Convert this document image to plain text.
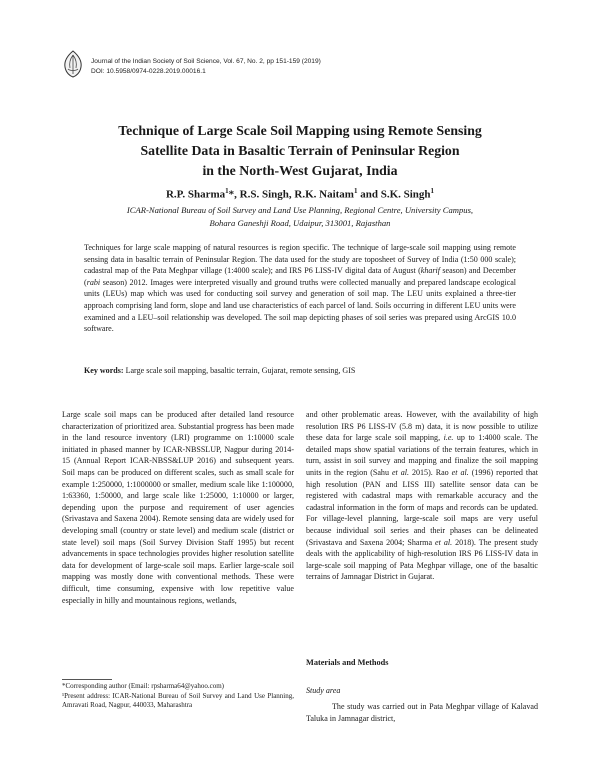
Journal of the Indian Society of Soil Science, Vol. 67, No. 2, pp 151-159 (2019)
DOI: 10.5958/0974-0228.2019.00016.1
Technique of Large Scale Soil Mapping using Remote Sensing
Satellite Data in Basaltic Terrain of Peninsular Region
in the North-West Gujarat, India
R.P. Sharma$^1$*, R.S. Singh, R.K. Naitam$^1$ and S.K. Singh$^1$
ICAR-National Bureau of Soil Survey and Land Use Planning, Regional Centre, University Campus,
Bohara Ganeshji Road, Udaipur, 313001, Rajasthan
Techniques for large scale mapping of natural resources is region specific. The technique of large-scale soil mapping using remote sensing data in basaltic terrain of Peninsular Region. The data used for the study are toposheet of Survey of India (1:50 000 scale); cadastral map of the Pata Meghpar village (1:4000 scale); and IRS P6 LISS-IV digital data of August (kharif season) and December (rabi season) 2012. Images were interpreted visually and ground truths were collected manually and prepared landscape ecological units (LEUs) map which was used for conducting soil survey and generation of soil map. The LEU units explained a three-tier approach comprising land form, slope and land use characteristics of each parcel of land. Soils occurring in different LEU units were examined and a LEU–soil relationship was developed. The soil map depicting phases of soil series was prepared using ArcGIS 10.0 software.
Key words: Large scale soil mapping, basaltic terrain, Gujarat, remote sensing, GIS
Large scale soil maps can be produced after detailed land resource characterization of prioritized area. Substantial progress has been made in the land resource inventory (LRI) programme on 1:10000 scale initiated in phased manner by ICAR-NBSSLUP, Nagpur during 2014-15 (Annual Report ICAR-NBSS&LUP 2016) and subsequent years. Soil maps can be produced on different scales, such as small scale for example 1:250000, 1:1000000 or smaller, medium scale like 1:100000, 1:63360, 1:50000, and large scale like 1:25000, 1:10000 or larger, depending upon the purpose and requirement of user agencies (Srivastava and Saxena 2004). Remote sensing data are widely used for developing small (country or state level) and medium scale (district or state level) soil maps (Soil Survey Division Staff 1995) but recent advancements in space technologies provides higher resolution satellite data for development of large-scale soil maps. Earlier large-scale soil mapping was mostly done with conventional methods. These were difficult, time consuming, expensive with low repetitive value especially in hilly and mountainous regions, wetlands,
and other problematic areas. However, with the availability of high resolution IRS P6 LISS-IV (5.8 m) data, it is now possible to utilize these data for large scale soil mapping, i.e. up to 1:4000 scale. The detailed maps show spatial variations of the terrain features, which in turn, assist in soil survey and mapping and finalize the soil mapping units in the region (Sahu et al. 2015). Rao et al. (1996) reported that high resolution (PAN and LISS III) satellite sensor data can be registered with cadastral maps with remarkable accuracy and the cadastral information in the form of maps and records can be updated. For village-level planning, large-scale soil maps are very useful because individual soil series and their phases can be delineated (Srivastava and Saxena 2004; Sharma et al. 2018). The present study deals with the applicability of high-resolution IRS P6 LISS-IV data in large-scale soil mapping of Pata Meghpar village, one of the basaltic terrains of Jamnagar District in Gujarat.
Materials and Methods
Study area
The study was carried out in Pata Meghpar village of Kalavad Taluka in Jamnagar district,
*Corresponding author (Email: rpsharma64@yahoo.com)
¹Present address: ICAR-National Bureau of Soil Survey and Land Use Planning, Amravati Road, Nagpur, 440033, Maharashtra
